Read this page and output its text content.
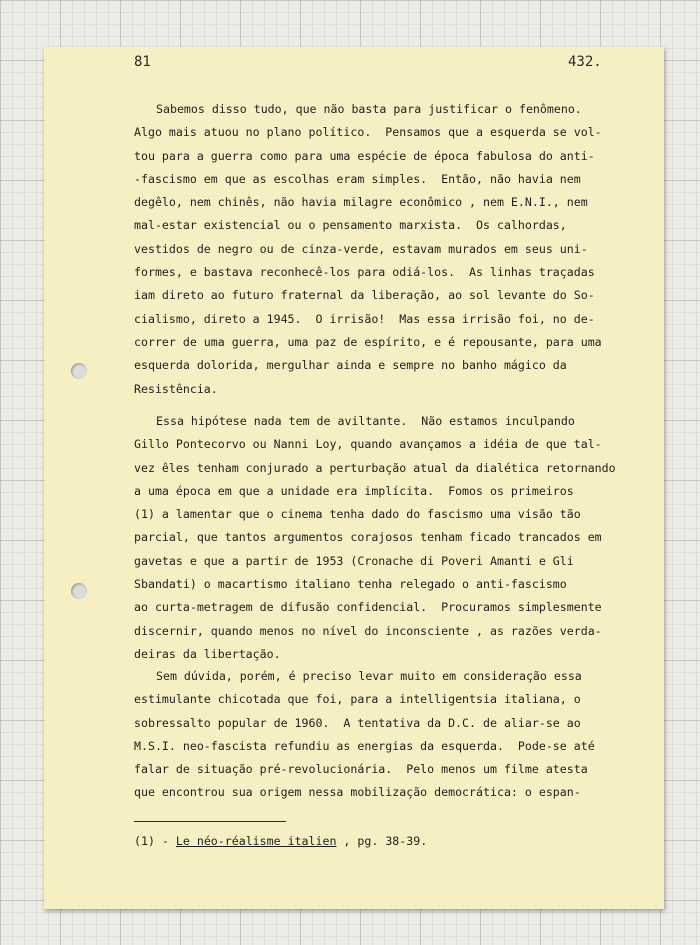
81	432.
Sabemos disso tudo, que não basta para justificar o fenômeno.
Algo mais atuou no plano político.  Pensamos que a esquerda se vol-
tou para a guerra como para uma espécie de época fabulosa do anti-
-fascismo em que as escolhas eram simples.  Então, não havia nem
degêlo, nem chinês, não havia milagre econômico , nem E.N.I., nem
mal-estar existencial ou o pensamento marxista.  Os calhordas,
vestidos de negro ou de cinza-verde, estavam murados em seus uni-
formes, e bastava reconhecê-los para odiá-los.  As linhas traçadas
iam direto ao futuro fraternal da liberação, ao sol levante do So-
cialismo, direto a 1945.  O irrisão!  Mas essa irrisão foi, no de-
correr de uma guerra, uma paz de espírito, e é repousante, para uma
esquerda dolorida, mergulhar ainda e sempre no banho mágico da
Resistência.
Essa hipótese nada tem de aviltante.  Não estamos inculpando
Gillo Pontecorvo ou Nanni Loy, quando avançamos a idéia de que tal-
vez êles tenham conjurado a perturbação atual da dialética retornando
a uma época em que a unidade era implícita.  Fomos os primeiros
(1) a lamentar que o cinema tenha dado do fascismo uma visão tão
parcial, que tantos argumentos corajosos tenham ficado trancados em
gavetas e que a partir de 1953 (Cronache di Poveri Amanti e Gli
Sbandati) o macartismo italiano tenha relegado o anti-fascismo
ao curta-metragem de difusão confidencial.  Procuramos simplesmente
discernir, quando menos no nível do inconsciente , as razões verda-
deiras da libertação.
Sem dúvida, porém, é preciso levar muito em consideração essa
estimulante chicotada que foi, para a intelligentsia italiana, o
sobressalto popular de 1960.  A tentativa da D.C. de aliar-se ao
M.S.I. neo-fascista refundiu as energias da esquerda.  Pode-se até
falar de situação pré-revolucionária.  Pelo menos um filme atesta
que encontrou sua origem nessa mobilização democrática: o espan-
(1) - Le néo-réalisme italien , pg. 38-39.
